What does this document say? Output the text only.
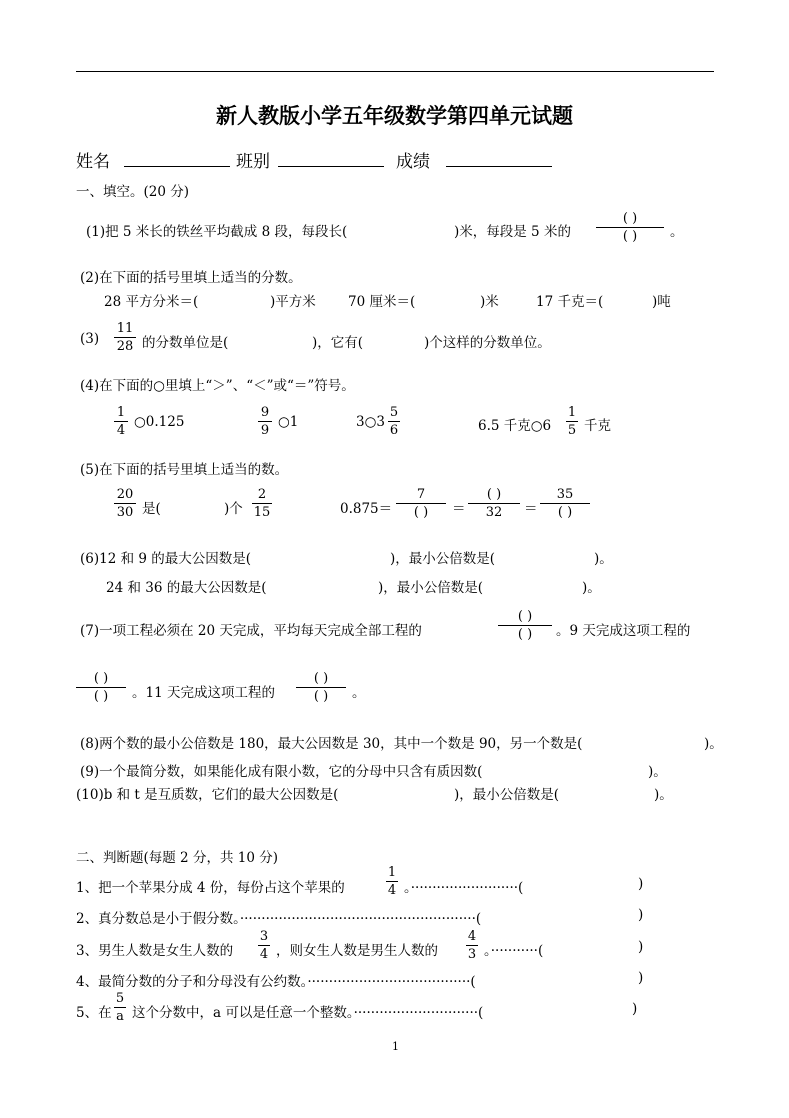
新人教版小学五年级数学第四单元试题
姓名	班别	成绩
一、填空。(20 分)
(1)把 5 米长的铁丝平均截成 8 段，每段长(	)米，每段是 5 米的
( )
( ) 。
(2)在下面的括号里填上适当的分数。
28 平方分米＝(	)平方米 70 厘米＝(	)米	17 千克＝(	)吨
(3)
11
28 的分数单位是(	)，它有(	)个这样的分数单位。
(4)在下面的○里填上“＞”、“＜”或“＝”符号。
1
4
○0.125
9
9
○1	3○3
5
6	6.5 千克○6
1
5 千克
(5)在下面的括号里填上适当的数。
20
30 是(	)个
2
15	0.875＝
7
( ) ＝
( )
32 ＝
35
( )
(6)12 和 9 的最大公因数是(	)，最小公倍数是(	)。
24 和 36 的最大公因数是(	)，最小公倍数是(	)。
(7)一项工程必须在 20 天完成，平均每天完成全部工程的
( )
( ) 。9 天完成这项工程的
( )
( ) 。11 天完成这项工程的
( )
( ) 。
(8)两个数的最小公倍数是 180，最大公因数是 30，其中一个数是 90，另一个数是(	)。
(9)一个最简分数，如果能化成有限小数，它的分母中只含有质因数(	)。
(10)b 和 t 是互质数，它们的最大公因数是(	)，最小公倍数是(	)。
二、判断题(每题 2 分，共 10 分)
1、把一个苹果分成 4 份，每份占这个苹果的
1
4 。·························(	)
2、真分数总是小于假分数。·······················································(	)
3、男生人数是女生人数的
3
4 ，则女生人数是男生人数的
4
3 。···········(	)
4、最简分数的分子和分母没有公约数。······································(	)
5、在
5
a 这个分数中，a 可以是任意一个整数。·····························(	)
1
